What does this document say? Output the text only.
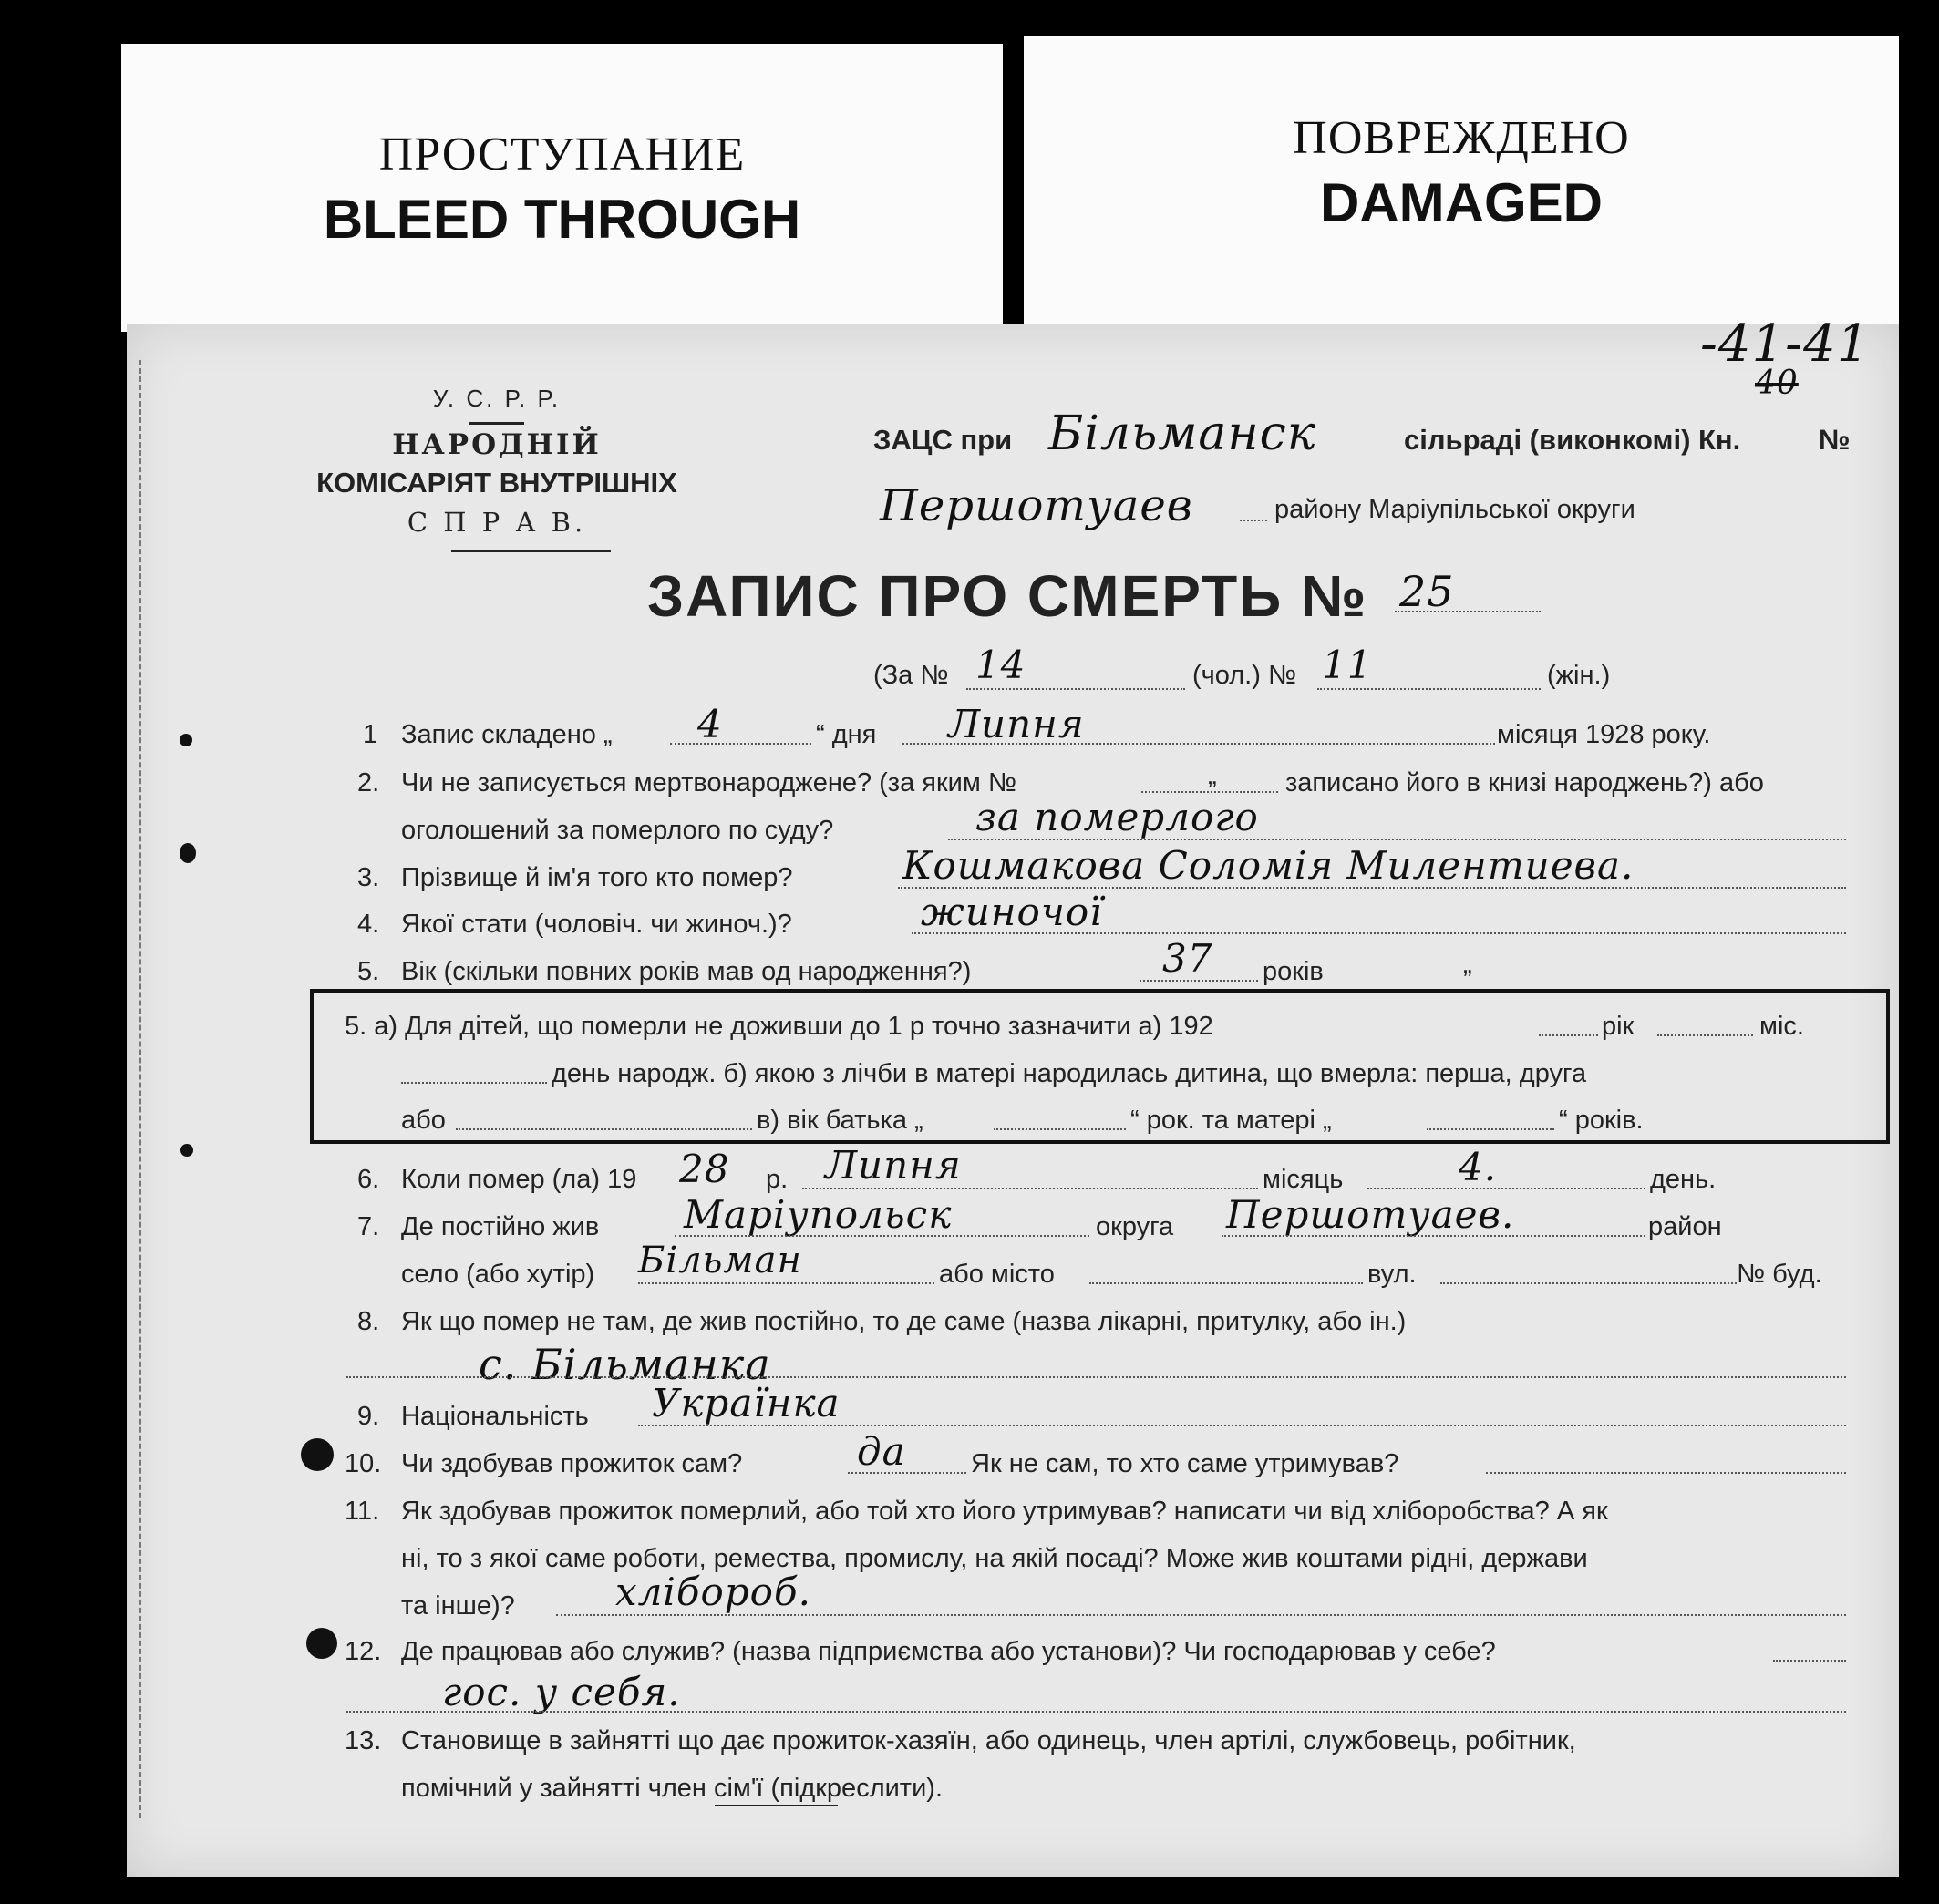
ПРОСТУПАНИЕ
BLEED THROUGH
ПОВРЕЖДЕНО
DAMAGED
-41-41
40
У. С. Р. Р.
НАРОДНІЙ
КОМІСАРІЯТ ВНУТРІШНІХ
С П Р А В.
ЗАЦС при Бiльманск	сільраді (виконкомі) Кн.	№
Першотуаев	району Маріупільської округи
ЗАПИС ПРО СМЕРТЬ № 25
(За № 14	(чол.) № 11	(жін.)
1 Запис складено „ 4	“ дня Липня	місяця 1928 року.
2. Чи не записується мертвонароджене? (за яким №	„	записано його в книзі народжень?) або
оголошений за померлого по суду?	за померлого
3. Прізвище й ім'я того кто помер?	Кошмакова Соломiя Милентиева.
4. Якої стати (чоловіч. чи жиноч.)?	жиночої
5. Вік (скільки повних років мав од народження?)	37 років	„
5. а) Для дітей, що померли не доживши до 1 р точно зазначити а) 192	рік	міс.
день народж. б) якою з лічби в матері народилась дитина, що вмерла: перша, друга
або	в) вік батька „	“ рок. та матері „	“ років.
6. Коли помер (ла) 19 28 р. Липня	місяць	4.	день.
7. Де постійно жив Маріупольск	округа Першотуаев.	район
село (або хутір) Бiльман	або місто	вул.	№ буд.
8. Як що помер не там, де жив постійно, то де саме (назва лікарні, притулку, або ін.)
с. Бiльманка
9. Національність Українка
10. Чи здобував прожиток сам?	да Як не сам, то хто саме утримував?
11. Як здобував прожиток померлий, або той хто його утримував? написати чи від хліборобства? А як
ні, то з якої саме роботи, ремества, промислу, на якій посаді? Може жив коштами рідні, держави
та інше)?	хлібороб.
12. Де працював або служив? (назва підприємства або установи)? Чи господарював у себе?
гос. у себя.
13. Становище в зайнятті що дає прожиток-хазяїн, або одинець, член артілі, службовець, робітник,
помічний у зайнятті член сім'ї (підкреслити).
